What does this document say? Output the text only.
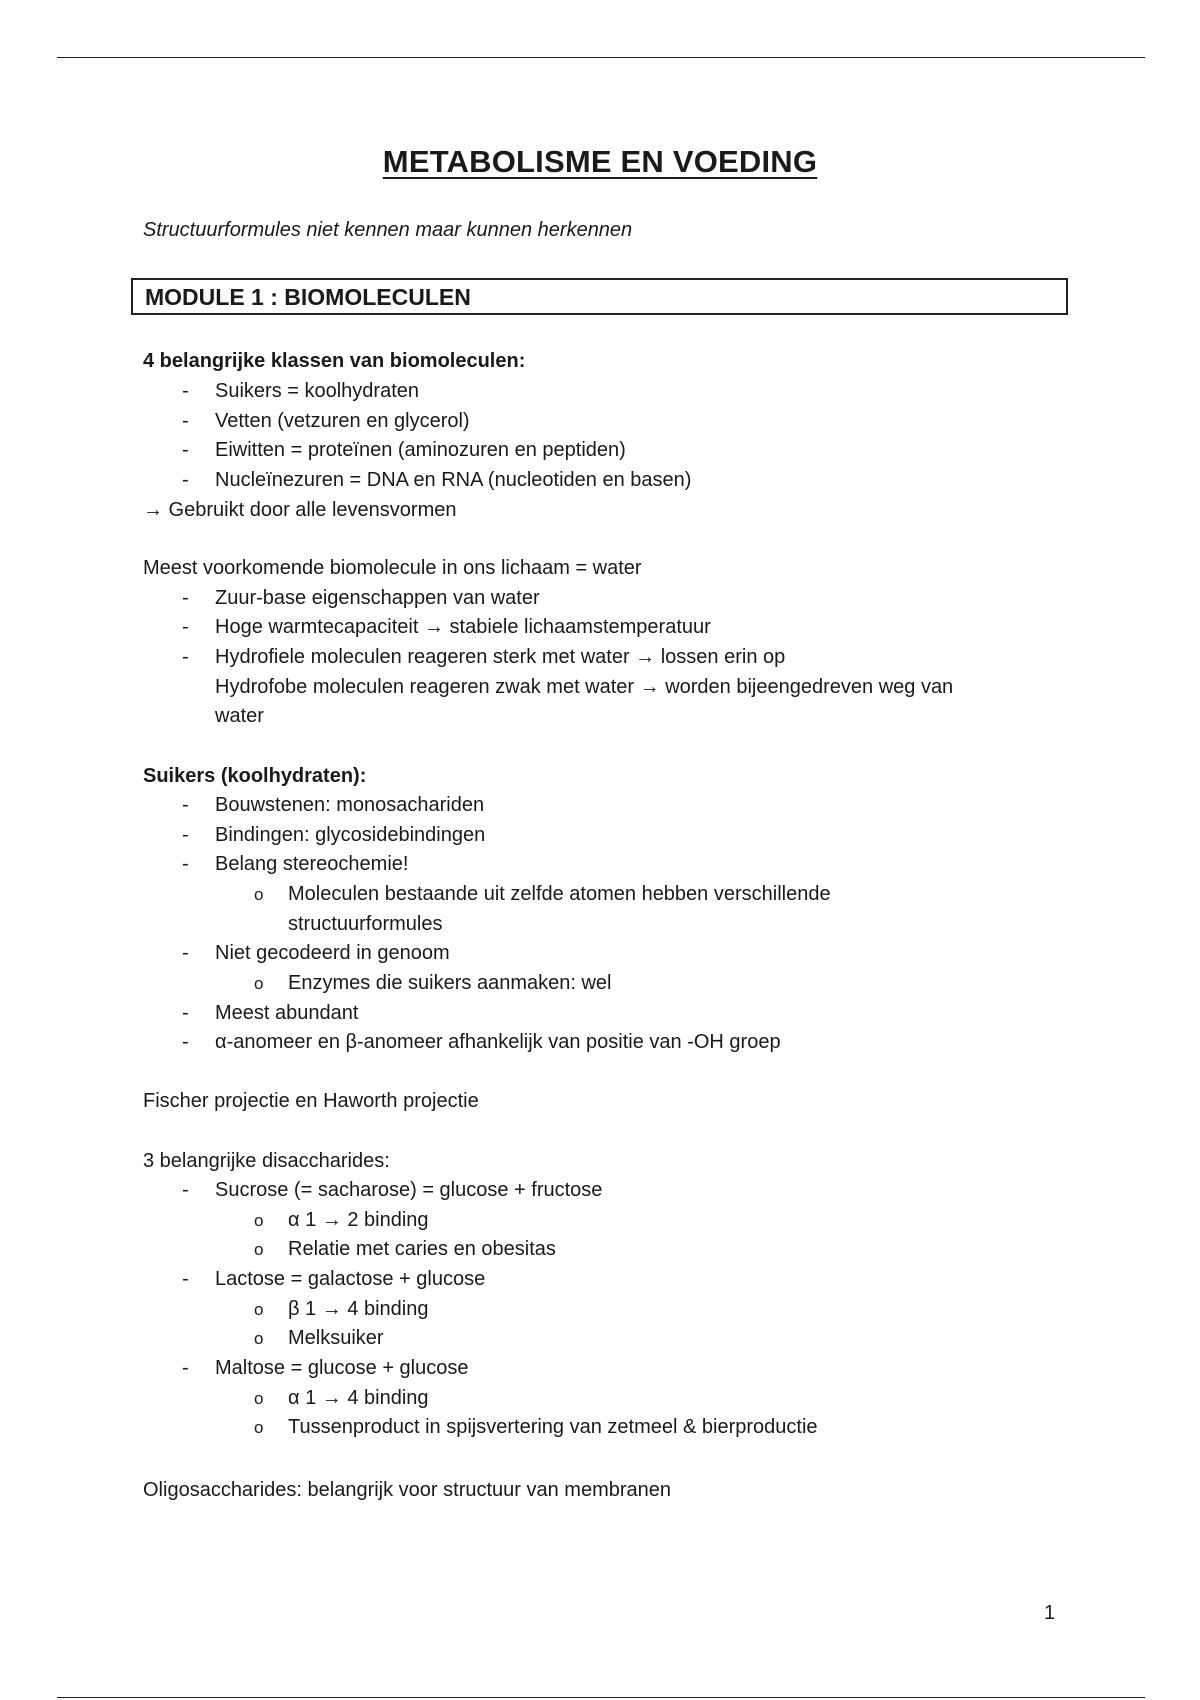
METABOLISME EN VOEDING
Structuurformules niet kennen maar kunnen herkennen
MODULE 1 : BIOMOLECULEN
4 belangrijke klassen van biomoleculen:
- Suikers = koolhydraten
- Vetten (vetzuren en glycerol)
- Eiwitten = proteïnen (aminozuren en peptiden)
- Nucleïnezuren = DNA en RNA (nucleotiden en basen)
→ Gebruikt door alle levensvormen
Meest voorkomende biomolecule in ons lichaam = water
- Zuur-base eigenschappen van water
- Hoge warmtecapaciteit → stabiele lichaamstemperatuur
- Hydrofiele moleculen reageren sterk met water → lossen erin op
Hydrofobe moleculen reageren zwak met water → worden bijeengedreven weg van
water
Suikers (koolhydraten):
- Bouwstenen: monosachariden
- Bindingen: glycosidebindingen
- Belang stereochemie!
o Moleculen bestaande uit zelfde atomen hebben verschillende
structuurformules
- Niet gecodeerd in genoom
o Enzymes die suikers aanmaken: wel
- Meest abundant
- α-anomeer en β-anomeer afhankelijk van positie van -OH groep
Fischer projectie en Haworth projectie
3 belangrijke disaccharides:
- Sucrose (= sacharose) = glucose + fructose
o α 1 → 2 binding
o Relatie met caries en obesitas
- Lactose = galactose + glucose
o β 1 → 4 binding
o Melksuiker
- Maltose = glucose + glucose
o α 1 → 4 binding
o Tussenproduct in spijsvertering van zetmeel & bierproductie
Oligosaccharides: belangrijk voor structuur van membranen
1
